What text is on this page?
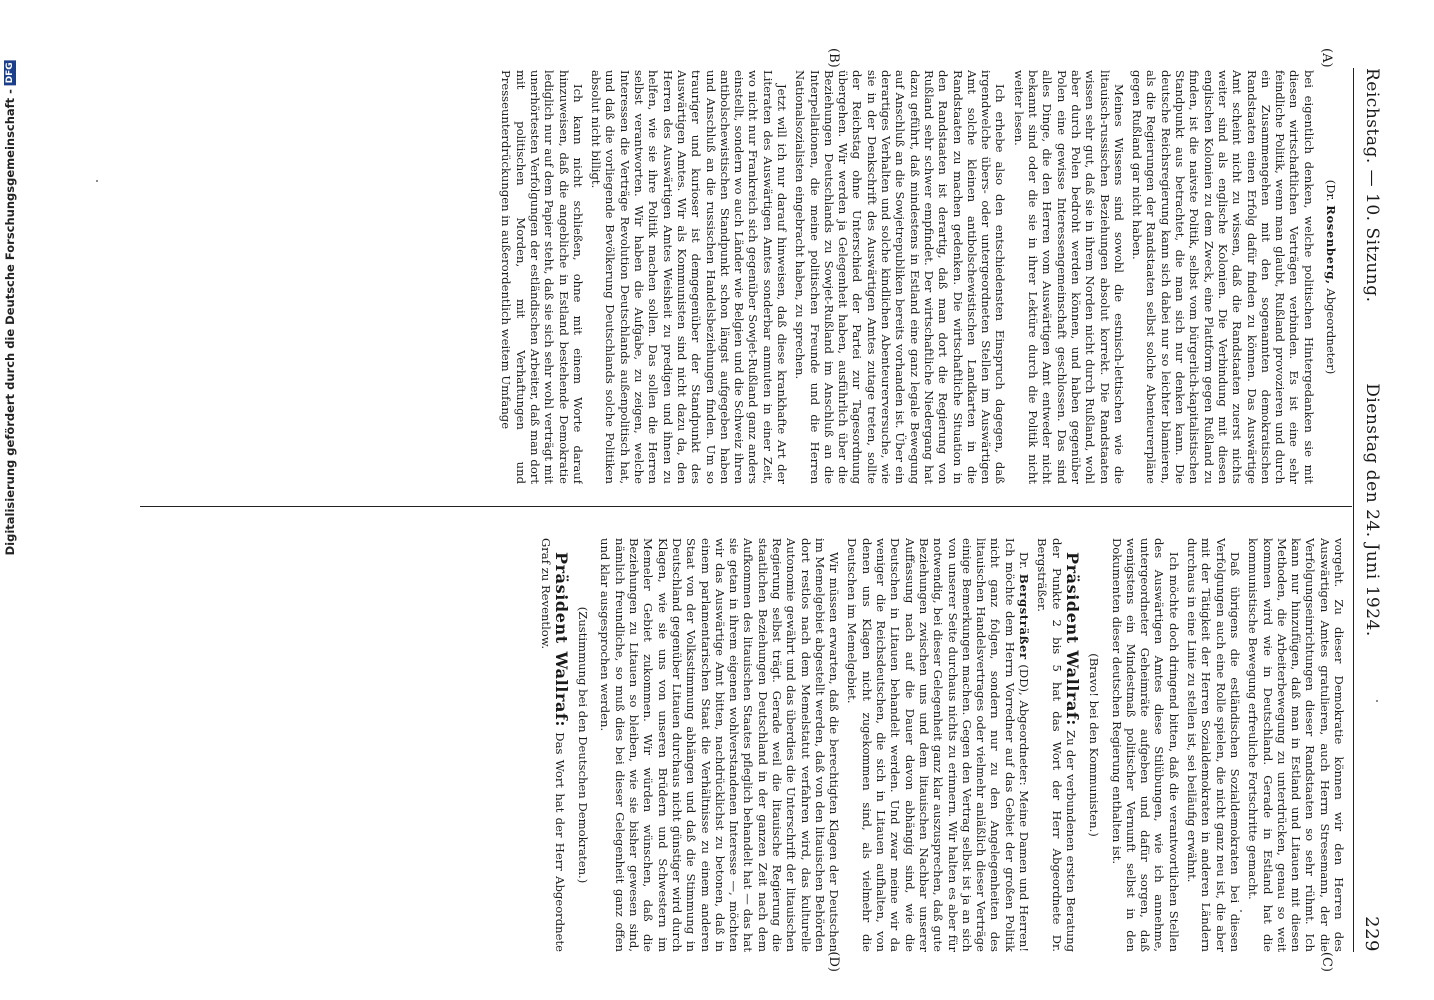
Digitalisierung gefördert durch die Deutsche Forschungsgemeinschaft - DFG	Reichstag. — 10. Sitzung.
Dienstag den 24. Juni 1924.
229
(A)
(B)
(C)
(D)

(Dr. Rosenberg, Abgeordneter)

bei eigentlich denken, welche politischen Hintergedanken sie mit diesen wirtschaftlichen Verträgen verbinden. Es ist eine sehr feindliche Politik, wenn man glaubt, Rußland provozieren und durch ein Zusammengehen mit den sogenannten demokratischen Randstaaten einen Erfolg dafür finden zu können. Das Auswärtige Amt scheint nicht zu wissen, daß die Randstaaten zuerst nichts weiter sind als englische Kolonien. Die Verbindung mit diesen englischen Kolonien zu dem Zweck, eine Plattform gegen Rußland zu finden, ist die naivste Politik, selbst vom bürgerlich-kapitalistischen Standpunkt aus betrachtet, die man sich nur denken kann. Die deutsche Reichsregierung kann sich dabei nur so leichter blamieren, als die Regierungen der Randstaaten selbst solche Abenteurerpläne gegen Rußland gar nicht haben.

Meines Wissens sind sowohl die estnisch-lettischen wie die litauisch-russischen Beziehungen absolut korrekt. Die Randstaaten wissen sehr gut, daß sie in ihrem Norden nicht durch Rußland, wohl aber durch Polen bedroht werden können, und haben gegenüber Polen eine gewisse Interessengemeinschaft geschlossen. Das sind alles Dinge, die den Herren vom Auswärtigen Amt entweder nicht bekannt sind oder die sie in ihrer Lektüre durch die Politik nicht weiter lesen.

Ich erhebe also den entschiedensten Einspruch dagegen, daß irgendwelche übers- oder untergeordneten Stellen im Auswärtigen Amt solche kleinen antibolschewistischen Landkarten in die Randstaaten zu machen gedenken. Die wirtschaftliche Situation in den Randstaaten ist derartig, daß man dort die Regierung von Rußland sehr schwer empfindet. Der wirtschaftliche Niedergang hat dazu geführt, daß mindestens in Estland eine ganz legale Bewegung auf Anschluß an die Sowjetrepubliken bereits vorhanden ist. Über ein derartiges Verhalten und solche kindlichen Abenteurerversuche, wie sie in der Denkschrift des Auswärtigen Amtes zutage treten, sollte der Reichstag ohne Unterschied der Partei zur Tagesordnung übergehen. Wir werden ja Gelegenheit haben, ausführlich über die Beziehungen Deutschlands zu Sowjet-Rußland im Anschluß an die Interpellationen, die meine politischen Freunde und die Herren Nationalsozialisten eingebracht haben, zu sprechen.

Jetzt will ich nur darauf hinweisen, daß diese krankhafte Art der Literaten des Auswärtigen Amtes sonderbar anmuten in einer Zeit, wo nicht nur Frankreich sich gegenüber Sowjet-Rußland ganz anders einstellt, sondern wo auch Länder wie Belgien und die Schweiz ihren antibolschewistischen Standpunkt schon längst aufgegeben haben und Anschluß an die russischen Handelsbeziehungen finden. Um so trauriger und kurioser ist demgegenüber der Standpunkt des Auswärtigen Amtes. Wir als Kommunisten sind nicht dazu da, den Herren des Auswärtigen Amtes Weisheit zu predigen und ihnen zu helfen, wie sie ihre Politik machen sollen. Das sollen die Herren selbst verantworten. Wir haben die Aufgabe, zu zeigen, welche Interessen die Verträge Revolution Deutschlands außenpolitisch hat, und daß die vorliegende Bevölkerung Deutschlands solche Politiken absolut nicht billigt.

Ich kann nicht schließen, ohne mit einem Worte darauf hinzuweisen, daß die angebliche in Estland bestehende Demokratie lediglich nur auf dem Papier steht, daß sie sich sehr wohl verträgt mit unerhörtesten Verfolgungen der estländischen Arbeiter, daß man dort mit politischen Morden, mit Verhaftungen und Presseunterdrückungen in außerordentlich weitem Umfange

vorgeht. Zu dieser Demokratie können wir den Herren des Auswärtigen Amtes gratulieren, auch Herrn Stresemann, der die Verfolgungseinrichtungen dieser Randstaaten so sehr rühmt. Ich kann nur hinzufügen, daß man in Estland und Litauen mit diesen Methoden, die Arbeiterbewegung zu unterdrücken, genau so weit kommen wird wie in Deutschland. Gerade in Estland hat die kommunistische Bewegung erfreuliche Fortschritte gemacht.

Daß übrigens die estländischen Sozialdemokraten bei diesen Verfolgungen auch eine Rolle spielen, die nicht ganz neu ist, die aber mit der Tätigkeit der Herren Sozialdemokraten in anderen Ländern durchaus in eine Linie zu stellen ist, sei beiläufig erwähnt.

Ich möchte doch dringend bitten, daß die verantwortlichen Stellen des Auswärtigen Amtes diese Stilübungen, wie ich annehme, untergeordneter Geheimräte aufgeben und dafür sorgen, daß wenigstens ein Mindestmaß politischer Vernunft selbst in den Dokumenten dieser deutschen Regierung enthalten ist.

(Bravo! bei den Kommunisten.)

Präsident Wallraf: Zu der verbundenen ersten Beratung der Punkte 2 bis 5 hat das Wort der Herr Abgeordnete Dr. Bergsträßer.

Dr. Bergsträßer (DD), Abgeordneter: Meine Damen und Herren! Ich möchte dem Herrn Vorredner auf das Gebiet der großen Politik nicht ganz folgen, sondern nur zu den Angelegenheiten des litauischen Handelsvertrages oder vielmehr anläßlich dieser Verträge einige Bemerkungen machen. Gegen den Vertrag selbst ist ja an sich von unserer Seite durchaus nichts zu erinnern. Wir halten es aber für notwendig, bei dieser Gelegenheit ganz klar auszusprechen, daß gute Beziehungen zwischen uns und dem litauischen Nachbar unserer Auffassung nach auf die Dauer davon abhängig sind, wie die Deutschen in Litauen behandelt werden. Und zwar meine wir da weniger die Reichsdeutschen, die sich in Litauen aufhalten, von denen uns Klagen nicht zugekommen sind, als vielmehr die Deutschen im Memelgebiet.

Wir müssen erwarten, daß die berechtigten Klagen der Deutschen im Memelgebiet abgestellt werden, daß von den litauischen Behörden dort restlos nach dem Memelstatut verfahren wird, das kulturelle Autonomie gewährt und das überdies die Unterschrift der litauischen Regierung selbst trägt. Gerade weil die litauische Regierung die staatlichen Beziehungen Deutschland in der ganzen Zeit nach dem Aufkommen des litauischen Staates pfleglich behandelt hat — das hat sie getan in ihrem eigenen wohlverstandenen Interesse —, möchten wir das Auswärtige Amt bitten, nachdrücklichst zu betonen, daß in einem parlamentarischen Staat die Verhältnisse zu einem anderen Staat von der Volksstimmung abhängen und daß die Stimmung in Deutschland gegenüber Litauen durchaus nicht günstiger wird durch Klagen, wie sie uns von unseren Brüdern und Schwestern im Memeler Gebiet zukommen. Wir würden wünschen, daß die Beziehungen zu Litauen so bleiben, wie sie bisher gewesen sind, nämlich freundliche, so muß dies bei dieser Gelegenheit ganz offen und klar ausgesprochen werden.

(Zustimmung bei den Deutschen Demokraten.)

Präsident Wallraf: Das Wort hat der Herr Abgeordnete Graf zu Reventlow.
